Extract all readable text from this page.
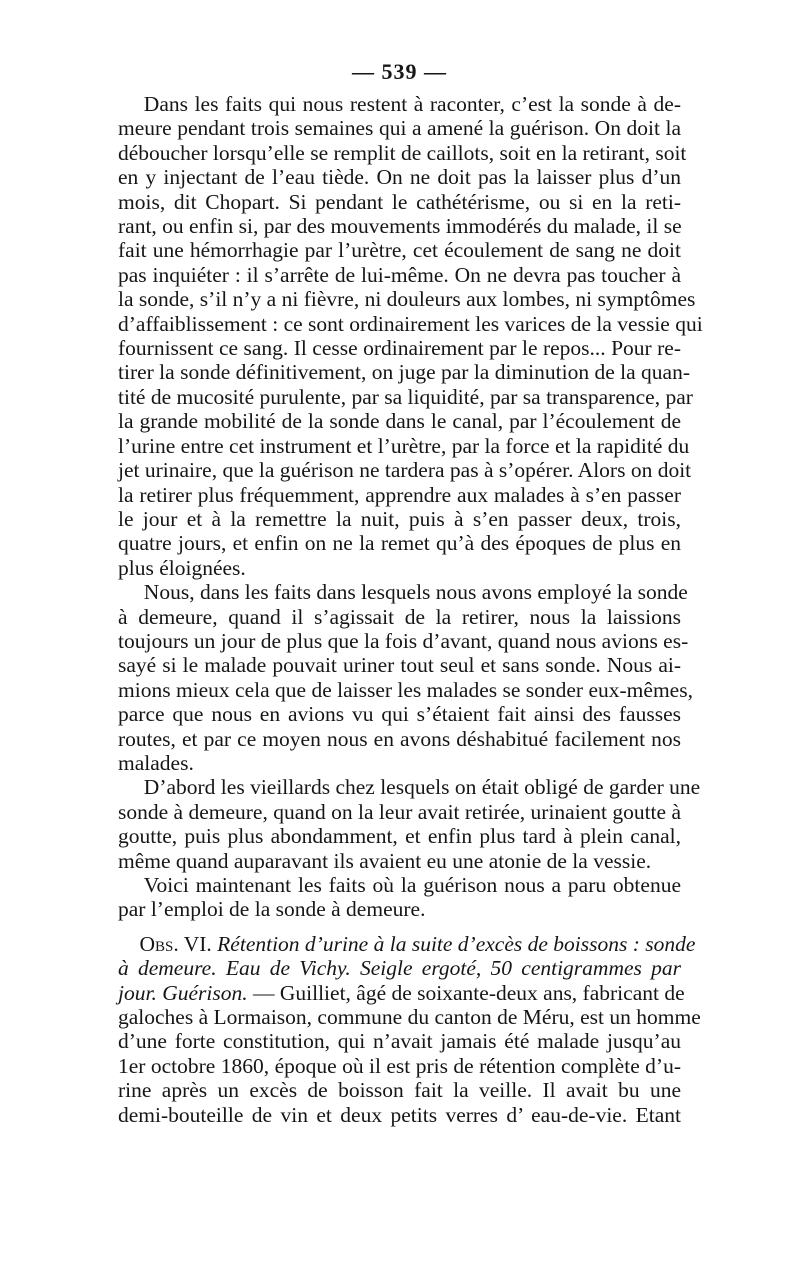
— 539 —

Dans les faits qui nous restent à raconter, c’est la sonde à de-
meure pendant trois semaines qui a amené la guérison. On doit la
déboucher lorsqu’elle se remplit de caillots, soit en la retirant, soit
en y injectant de l’eau tiède. On ne doit pas la laisser plus d’un
mois, dit Chopart. Si pendant le cathétérisme, ou si en la reti-
rant, ou enfin si, par des mouvements immodérés du malade, il se
fait une hémorrhagie par l’urètre, cet écoulement de sang ne doit
pas inquiéter : il s’arrête de lui-même. On ne devra pas toucher à
la sonde, s’il n’y a ni fièvre, ni douleurs aux lombes, ni symptômes
d’affaiblissement : ce sont ordinairement les varices de la vessie qui
fournissent ce sang. Il cesse ordinairement par le repos... Pour re-
tirer la sonde définitivement, on juge par la diminution de la quan-
tité de mucosité purulente, par sa liquidité, par sa transparence, par
la grande mobilité de la sonde dans le canal, par l’écoulement de
l’urine entre cet instrument et l’urètre, par la force et la rapidité du
jet urinaire, que la guérison ne tardera pas à s’opérer. Alors on doit
la retirer plus fréquemment, apprendre aux malades à s’en passer
le jour et à la remettre la nuit, puis à s’en passer deux, trois,
quatre jours, et enfin on ne la remet qu’à des époques de plus en
plus éloignées.

Nous, dans les faits dans lesquels nous avons employé la sonde
à demeure, quand il s’agissait de la retirer, nous la laissions
toujours un jour de plus que la fois d’avant, quand nous avions es-
sayé si le malade pouvait uriner tout seul et sans sonde. Nous ai-
mions mieux cela que de laisser les malades se sonder eux-mêmes,
parce que nous en avions vu qui s’étaient fait ainsi des fausses
routes, et par ce moyen nous en avons déshabitué facilement nos
malades.

D’abord les vieillards chez lesquels on était obligé de garder une
sonde à demeure, quand on la leur avait retirée, urinaient goutte à
goutte, puis plus abondamment, et enfin plus tard à plein canal,
même quand auparavant ils avaient eu une atonie de la vessie.

Voici maintenant les faits où la guérison nous a paru obtenue
par l’emploi de la sonde à demeure.

 Obs. VI. Rétention d’urine à la suite d’excès de boissons : sonde
à demeure. Eau de Vichy. Seigle ergoté, 50 centigrammes par
jour. Guérison. — Guilliet, âgé de soixante-deux ans, fabricant de
galoches à Lormaison, commune du canton de Méru, est un homme
d’une forte constitution, qui n’avait jamais été malade jusqu’au
1er octobre 1860, époque où il est pris de rétention complète d’u-
rine après un excès de boisson fait la veille. Il avait bu une
demi-bouteille de vin et deux petits verres d’ eau-de-vie. Etant
